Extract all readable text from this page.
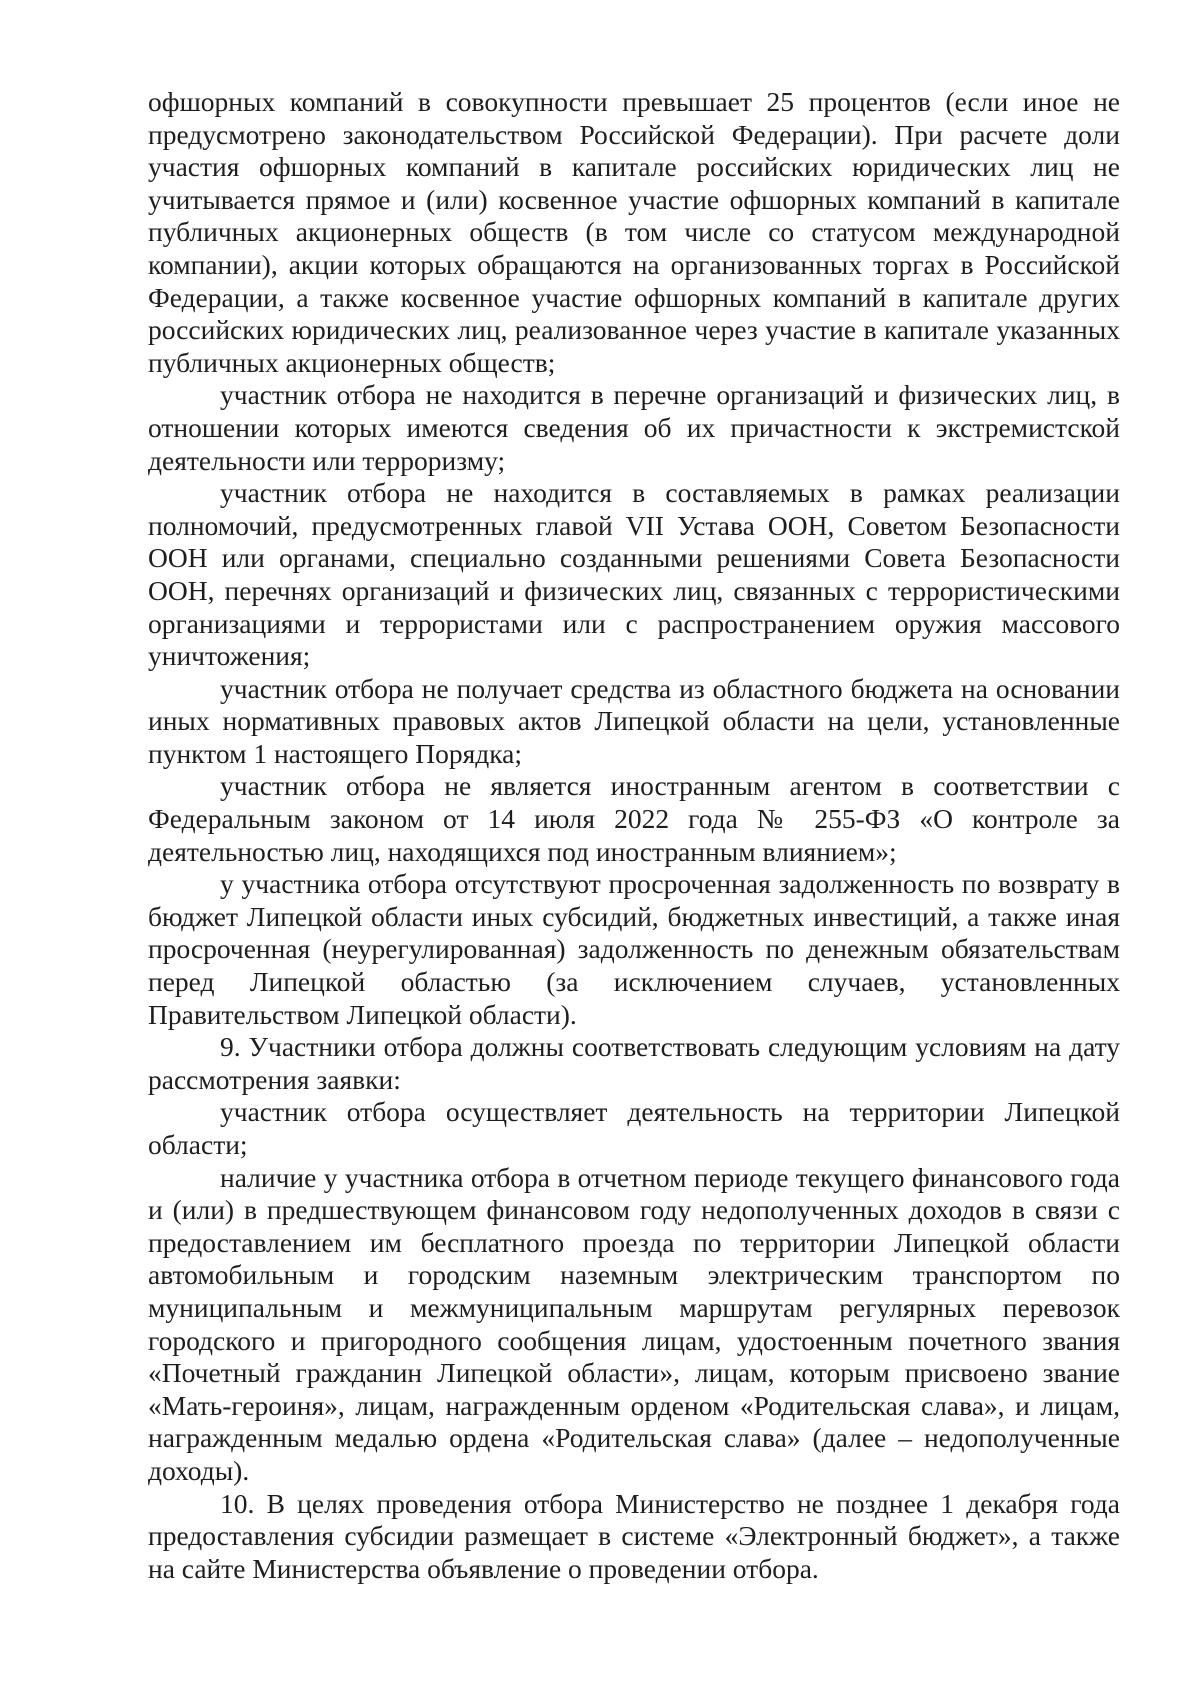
офшорных компаний в совокупности превышает 25 процентов (если иное не предусмотрено законодательством Российской Федерации). При расчете доли участия офшорных компаний в капитале российских юридических лиц не учитывается прямое и (или) косвенное участие офшорных компаний в капитале публичных акционерных обществ (в том числе со статусом международной компании), акции которых обращаются на организованных торгах в Российской Федерации, а также косвенное участие офшорных компаний в капитале других российских юридических лиц, реализованное через участие в капитале указанных публичных акционерных обществ;

участник отбора не находится в перечне организаций и физических лиц, в отношении которых имеются сведения об их причастности к экстремистской деятельности или терроризму;

участник отбора не находится в составляемых в рамках реализации полномочий, предусмотренных главой VII Устава ООН, Советом Безопасности ООН или органами, специально созданными решениями Совета Безопасности ООН, перечнях организаций и физических лиц, связанных с террористическими организациями и террористами или с распространением оружия массового уничтожения;

участник отбора не получает средства из областного бюджета на основании иных нормативных правовых актов Липецкой области на цели, установленные пунктом 1 настоящего Порядка;

участник отбора не является иностранным агентом в соответствии с Федеральным законом от 14 июля 2022 года № 255-ФЗ «О контроле за деятельностью лиц, находящихся под иностранным влиянием»;

у участника отбора отсутствуют просроченная задолженность по возврату в бюджет Липецкой области иных субсидий, бюджетных инвестиций, а также иная просроченная (неурегулированная) задолженность по денежным обязательствам перед Липецкой областью (за исключением случаев, установленных Правительством Липецкой области).

9. Участники отбора должны соответствовать следующим условиям на дату рассмотрения заявки:

участник отбора осуществляет деятельность на территории Липецкой области;

наличие у участника отбора в отчетном периоде текущего финансового года и (или) в предшествующем финансовом году недополученных доходов в связи с предоставлением им бесплатного проезда по территории Липецкой области автомобильным и городским наземным электрическим транспортом по муниципальным и межмуниципальным маршрутам регулярных перевозок городского и пригородного сообщения лицам, удостоенным почетного звания «Почетный гражданин Липецкой области», лицам, которым присвоено звание «Мать-героиня», лицам, награжденным орденом «Родительская слава», и лицам, награжденным медалью ордена «Родительская слава» (далее – недополученные доходы).

10. В целях проведения отбора Министерство не позднее 1 декабря года предоставления субсидии размещает в системе «Электронный бюджет», а также на сайте Министерства объявление о проведении отбора.
